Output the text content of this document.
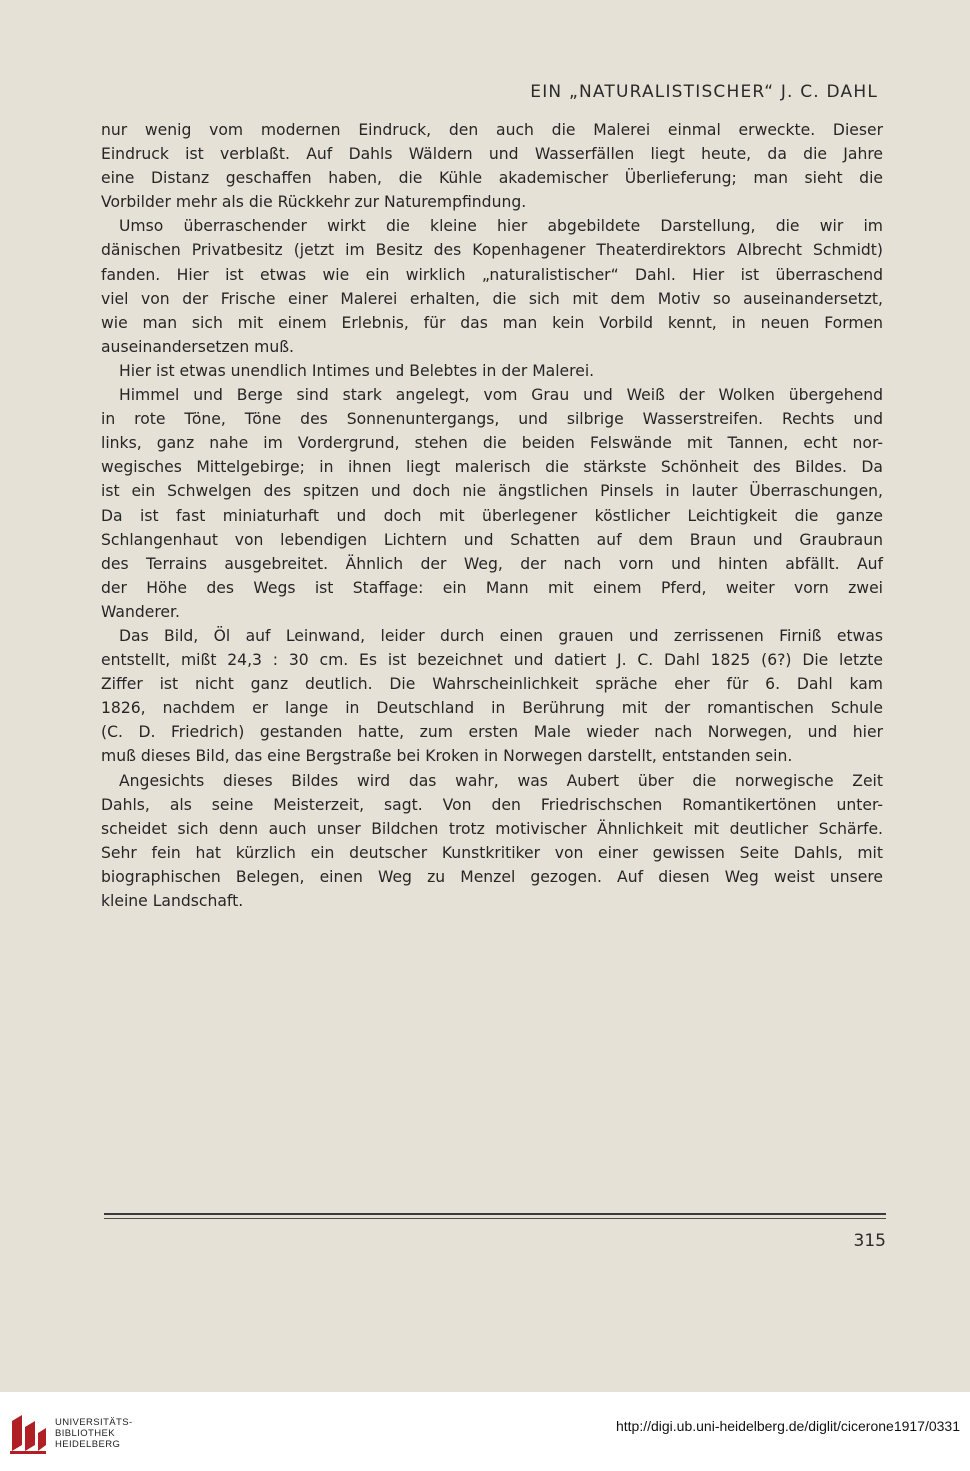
EIN „NATURALISTISCHER“ J. C. DAHL
nur wenig vom modernen Eindruck, den auch die Malerei einmal erweckte. Dieser
Eindruck ist verblaßt. Auf Dahls Wäldern und Wasserfällen liegt heute, da die Jahre
eine Distanz geschaffen haben, die Kühle akademischer Überlieferung; man sieht die
Vorbilder mehr als die Rückkehr zur Naturempfindung.
Umso überraschender wirkt die kleine hier abgebildete Darstellung, die wir im
dänischen Privatbesitz (jetzt im Besitz des Kopenhagener Theaterdirektors Albrecht Schmidt)
fanden. Hier ist etwas wie ein wirklich „naturalistischer“ Dahl. Hier ist überraschend
viel von der Frische einer Malerei erhalten, die sich mit dem Motiv so auseinandersetzt,
wie man sich mit einem Erlebnis, für das man kein Vorbild kennt, in neuen Formen
auseinandersetzen muß.
Hier ist etwas unendlich Intimes und Belebtes in der Malerei.
Himmel und Berge sind stark angelegt, vom Grau und Weiß der Wolken übergehend
in rote Töne, Töne des Sonnenuntergangs, und silbrige Wasserstreifen. Rechts und
links, ganz nahe im Vordergrund, stehen die beiden Felswände mit Tannen, echt nor-
wegisches Mittelgebirge; in ihnen liegt malerisch die stärkste Schönheit des Bildes. Da
ist ein Schwelgen des spitzen und doch nie ängstlichen Pinsels in lauter Überraschungen,
Da ist fast miniaturhaft und doch mit überlegener köstlicher Leichtigkeit die ganze
Schlangenhaut von lebendigen Lichtern und Schatten auf dem Braun und Graubraun
des Terrains ausgebreitet. Ähnlich der Weg, der nach vorn und hinten abfällt. Auf
der Höhe des Wegs ist Staffage: ein Mann mit einem Pferd, weiter vorn zwei
Wanderer.
Das Bild, Öl auf Leinwand, leider durch einen grauen und zerrissenen Firniß etwas
entstellt, mißt 24,3 : 30 cm. Es ist bezeichnet und datiert J. C. Dahl 1825 (6?) Die letzte
Ziffer ist nicht ganz deutlich. Die Wahrscheinlichkeit spräche eher für 6. Dahl kam
1826, nachdem er lange in Deutschland in Berührung mit der romantischen Schule
(C. D. Friedrich) gestanden hatte, zum ersten Male wieder nach Norwegen, und hier
muß dieses Bild, das eine Bergstraße bei Kroken in Norwegen darstellt, entstanden sein.
Angesichts dieses Bildes wird das wahr, was Aubert über die norwegische Zeit
Dahls, als seine Meisterzeit, sagt. Von den Friedrischschen Romantikertönen unter-
scheidet sich denn auch unser Bildchen trotz motivischer Ähnlichkeit mit deutlicher Schärfe.
Sehr fein hat kürzlich ein deutscher Kunstkritiker von einer gewissen Seite Dahls, mit
biographischen Belegen, einen Weg zu Menzel gezogen. Auf diesen Weg weist unsere
kleine Landschaft.
315
UNIVERSITÄTS-
BIBLIOTHEK
HEIDELBERG
http://digi.ub.uni-heidelberg.de/diglit/cicerone1917/0331
